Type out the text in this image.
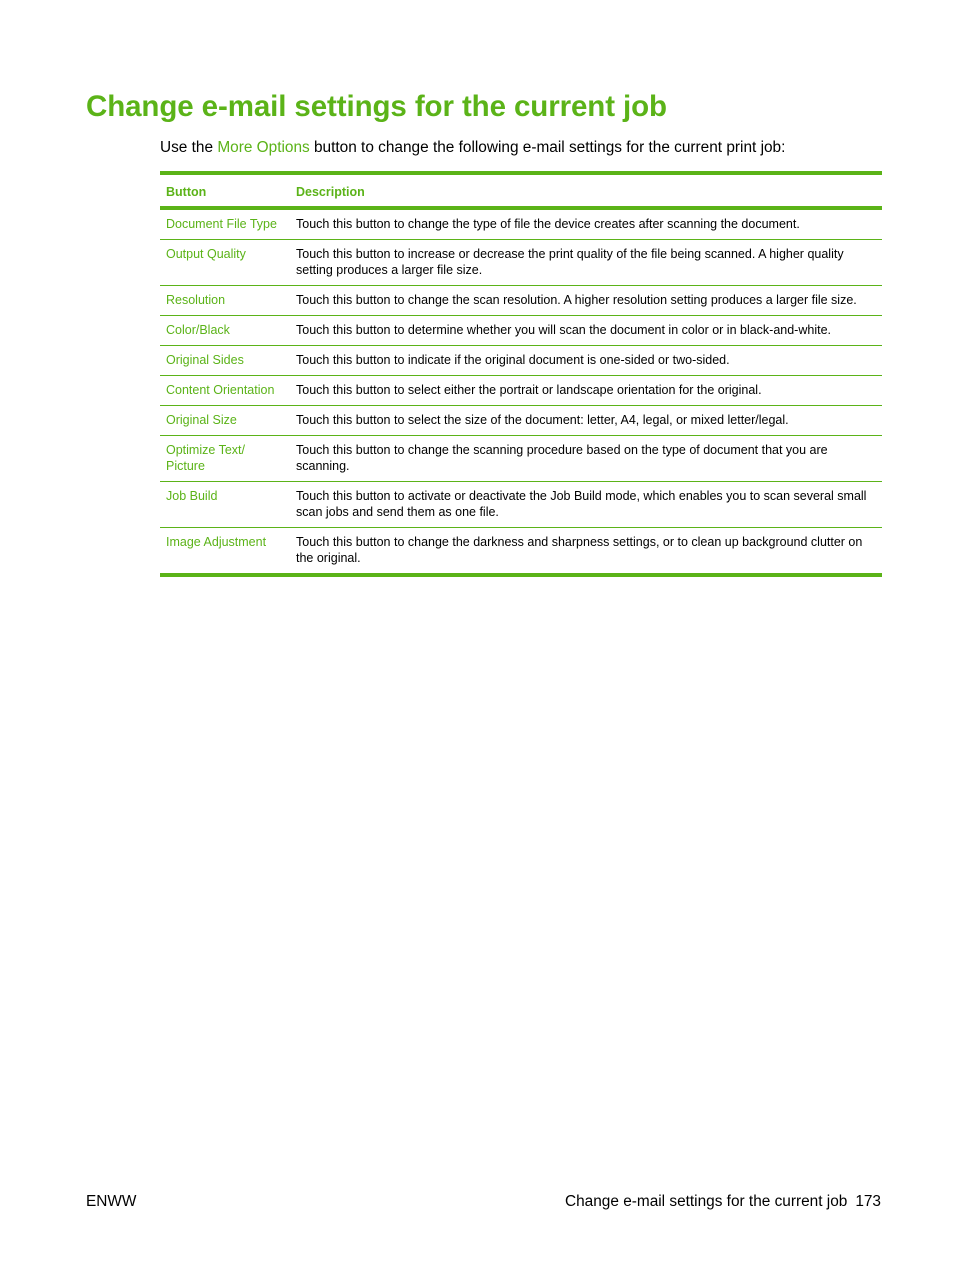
Change e-mail settings for the current job

Use the More Options button to change the following e-mail settings for the current print job:

Button	Description
Document File Type	Touch this button to change the type of file the device creates after scanning the document.
Output Quality	Touch this button to increase or decrease the print quality of the file being scanned. A higher quality setting produces a larger file size.
Resolution	Touch this button to change the scan resolution. A higher resolution setting produces a larger file size.
Color/Black	Touch this button to determine whether you will scan the document in color or in black-and-white.
Original Sides	Touch this button to indicate if the original document is one-sided or two-sided.
Content Orientation	Touch this button to select either the portrait or landscape orientation for the original.
Original Size	Touch this button to select the size of the document: letter, A4, legal, or mixed letter/legal.
Optimize Text/ Picture	Touch this button to change the scanning procedure based on the type of document that you are scanning.
Job Build	Touch this button to activate or deactivate the Job Build mode, which enables you to scan several small scan jobs and send them as one file.
Image Adjustment	Touch this button to change the darkness and sharpness settings, or to clean up background clutter on the original.
ENWW	Change e-mail settings for the current job 173
